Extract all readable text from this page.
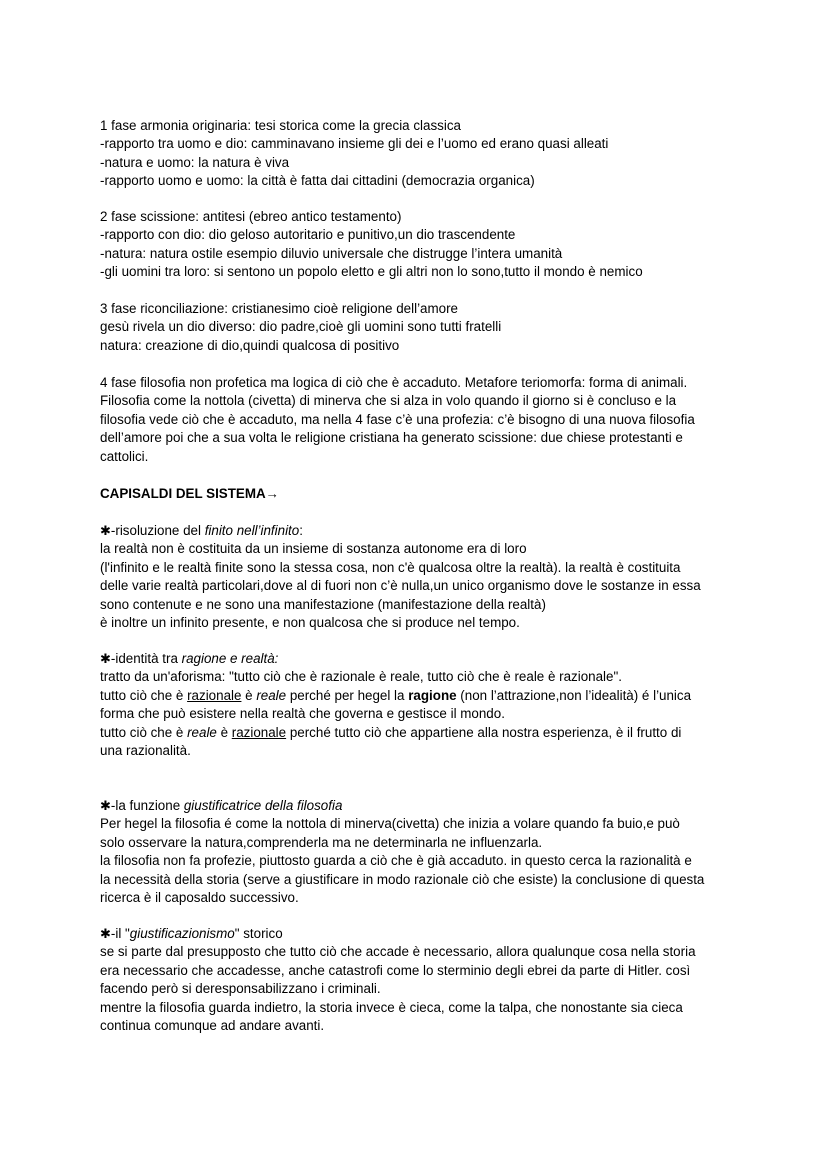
1 fase armonia originaria: tesi storica come la grecia classica
-rapporto tra uomo e dio: camminavano insieme gli dei e l’uomo ed erano quasi alleati
-natura e uomo: la natura è viva
-rapporto uomo e uomo: la città è fatta dai cittadini (democrazia organica)
2 fase scissione: antitesi (ebreo antico testamento)
-rapporto con dio: dio geloso autoritario e punitivo,un dio trascendente
-natura: natura ostile esempio diluvio universale che distrugge l’intera umanità
-gli uomini tra loro: si sentono un popolo eletto e gli altri non lo sono,tutto il mondo è nemico
3 fase riconciliazione: cristianesimo cioè religione dell’amore
gesù rivela un dio diverso: dio padre,cioè gli uomini sono tutti fratelli
natura: creazione di dio,quindi qualcosa di positivo
4 fase filosofia non profetica ma logica di ciò che è accaduto. Metafore teriomorfa: forma di animali.
Filosofia come la nottola (civetta) di minerva che si alza in volo quando il giorno si è concluso e la
filosofia vede ciò che è accaduto, ma nella 4 fase c’è una profezia: c’è bisogno di una nuova filosofia
dell’amore poi che a sua volta le religione cristiana ha generato scissione: due chiese protestanti e
cattolici.
CAPISALDI DEL SISTEMA→
✱-risoluzione del finito nell’infinito:
la realtà non è costituita da un insieme di sostanza autonome era di loro
(l'infinito e le realtà finite sono la stessa cosa, non c'è qualcosa oltre la realtà). la realtà è costituita
delle varie realtà particolari,dove al di fuori non c’è nulla,un unico organismo dove le sostanze in essa
sono contenute e ne sono una manifestazione (manifestazione della realtà)
è inoltre un infinito presente, e non qualcosa che si produce nel tempo.
✱-identità tra ragione e realtà:
tratto da un'aforisma: "tutto ciò che è razionale è reale, tutto ciò che è reale è razionale".
tutto ciò che è razionale è reale perché per hegel la ragione (non l’attrazione,non l’idealità) é l’unica
forma che può esistere nella realtà che governa e gestisce il mondo.
tutto ciò che è reale è razionale perché tutto ciò che appartiene alla nostra esperienza, è il frutto di
una razionalità.
✱-la funzione giustificatrice della filosofia
Per hegel la filosofia é come la nottola di minerva(civetta) che inizia a volare quando fa buio,e può
solo osservare la natura,comprenderla ma ne determinarla ne influenzarla.
la filosofia non fa profezie, piuttosto guarda a ciò che è già accaduto. in questo cerca la razionalità e
la necessità della storia (serve a giustificare in modo razionale ciò che esiste) la conclusione di questa
ricerca è il caposaldo successivo.
✱-il "giustificazionismo" storico
se si parte dal presupposto che tutto ciò che accade è necessario, allora qualunque cosa nella storia
era necessario che accadesse, anche catastrofi come lo sterminio degli ebrei da parte di Hitler. così
facendo però si deresponsabilizzano i criminali.
mentre la filosofia guarda indietro, la storia invece è cieca, come la talpa, che nonostante sia cieca
continua comunque ad andare avanti.
